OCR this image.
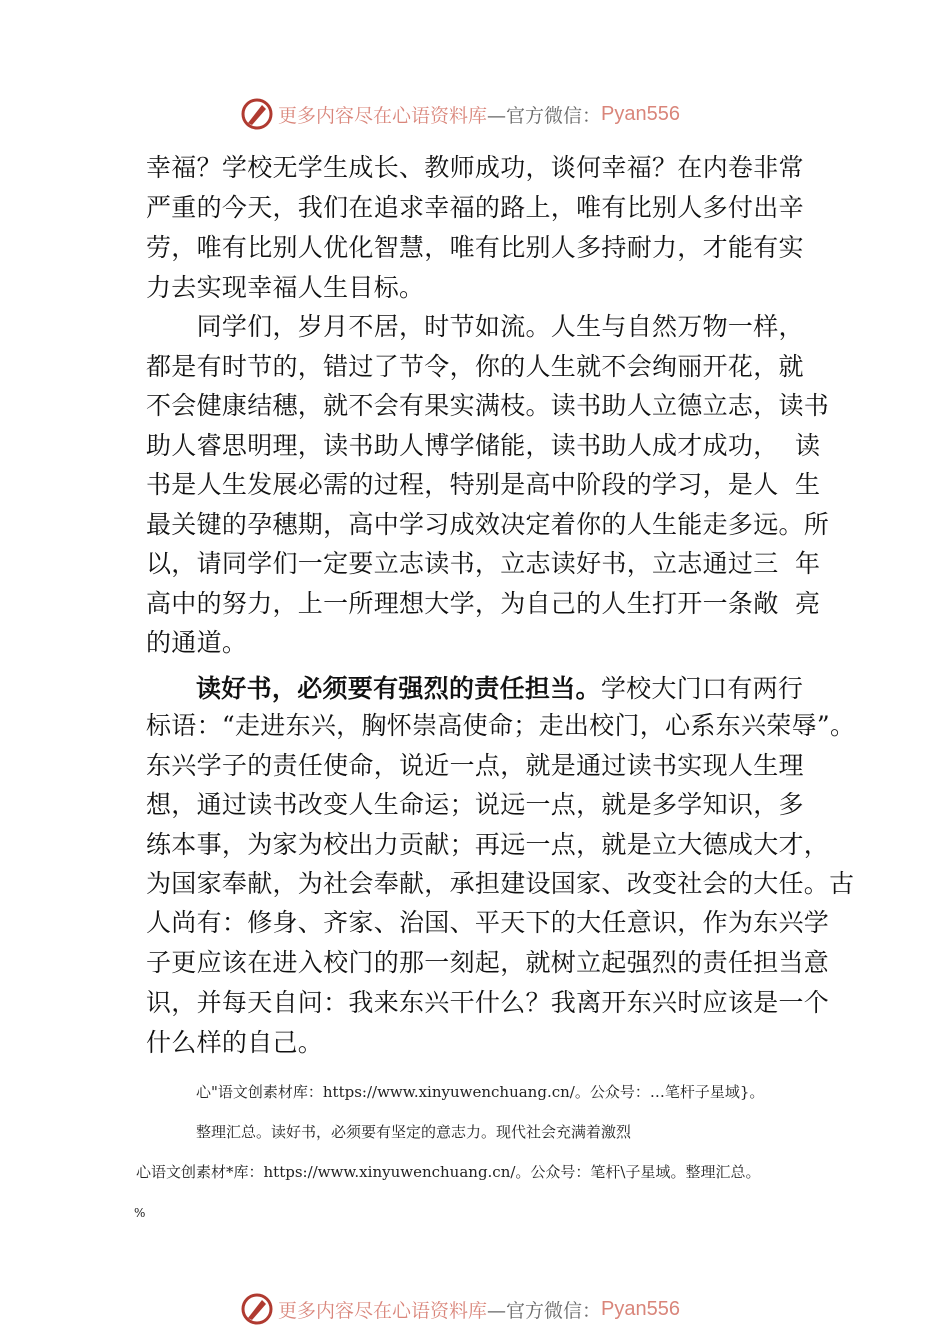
更多内容尽在心语资料库 —官方微信： Pyan556
幸福？学校无学生成长、教师成功，谈何幸福？在内卷非常
严重的今天，我们在追求幸福的路上，唯有比别人多付出辛
劳，唯有比别人优化智慧，唯有比别人多持耐力，才能有实
力去实现幸福人生目标。
　　同学们，岁月不居，时节如流。人生与自然万物一样，
都是有时节的，错过了节令，你的人生就不会绚丽开花，就
不会健康结穗，就不会有果实满枝。读书助人立德立志，读书
助人睿思明理，读书助人博学储能，读书助人成才成功，  读
书是人生发展必需的过程，特别是高中阶段的学习，是人  生
最关键的孕穗期，高中学习成效决定着你的人生能走多远。所
以，请同学们一定要立志读书，立志读好书，立志通过三  年
高中的努力，上一所理想大学，为自己的人生打开一条敞  亮
的通道。
读好书，必须要有强烈的责任担当。学校大门口有两行
标语：“走进东兴，胸怀崇高使命；走出校门，心系东兴荣辱”。
东兴学子的责任使命，说近一点，就是通过读书实现人生理
想，通过读书改变人生命运；说远一点，就是多学知识，多
练本事，为家为校出力贡献；再远一点，就是立大德成大才，
为国家奉献，为社会奉献，承担建设国家、改变社会的大任。古
人尚有：修身、齐家、治国、平天下的大任意识，作为东兴学
子更应该在进入校门的那一刻起，就树立起强烈的责任担当意
识，并每天自问：我来东兴干什么？我离开东兴时应该是一个
什么样的自己。
心"语文创素材库：https://www.xinyuwenchuang.cn/。公众号：…笔杆子星域}。
整理汇总。读好书，必须要有坚定的意志力。现代社会充满着激烈
心语文创素材*库：https://www.xinyuwenchuang.cn/。公众号：笔杆\子星域。整理汇总。
%
更多内容尽在心语资料库 —官方微信： Pyan556
